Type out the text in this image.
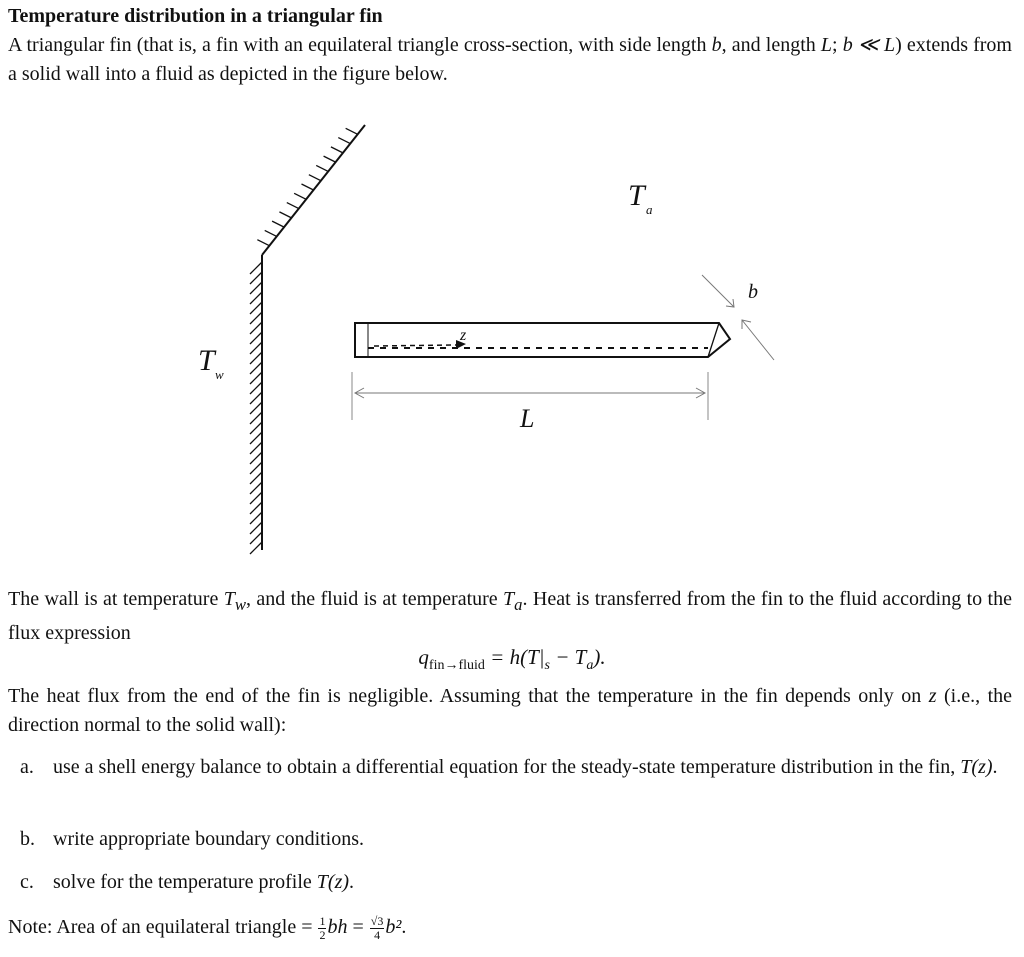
Temperature distribution in a triangular fin
A triangular fin (that is, a fin with an equilateral triangle cross-section, with side length b, and length L; b ≪ L) extends from a solid wall into a fluid as depicted in the figure below.
z
L
b
T a
T w
The wall is at temperature $T_w$, and the fluid is at temperature $T_a$. Heat is transferred from the fin to the fluid according to the flux expression
$q_{fin\to fluid} = h(T|_s - T_a)$.
The heat flux from the end of the fin is negligible. Assuming that the temperature in the fin depends only on z (i.e., the direction normal to the solid wall):
a. use a shell energy balance to obtain a differential equation for the steady-state temperature distribution in the fin, T(z).
b. write appropriate boundary conditions.
c. solve for the temperature profile T(z).
Note: Area of an equilateral triangle = $\frac{1}{2}$ bh = $\frac{√3}{4} b^2$.
